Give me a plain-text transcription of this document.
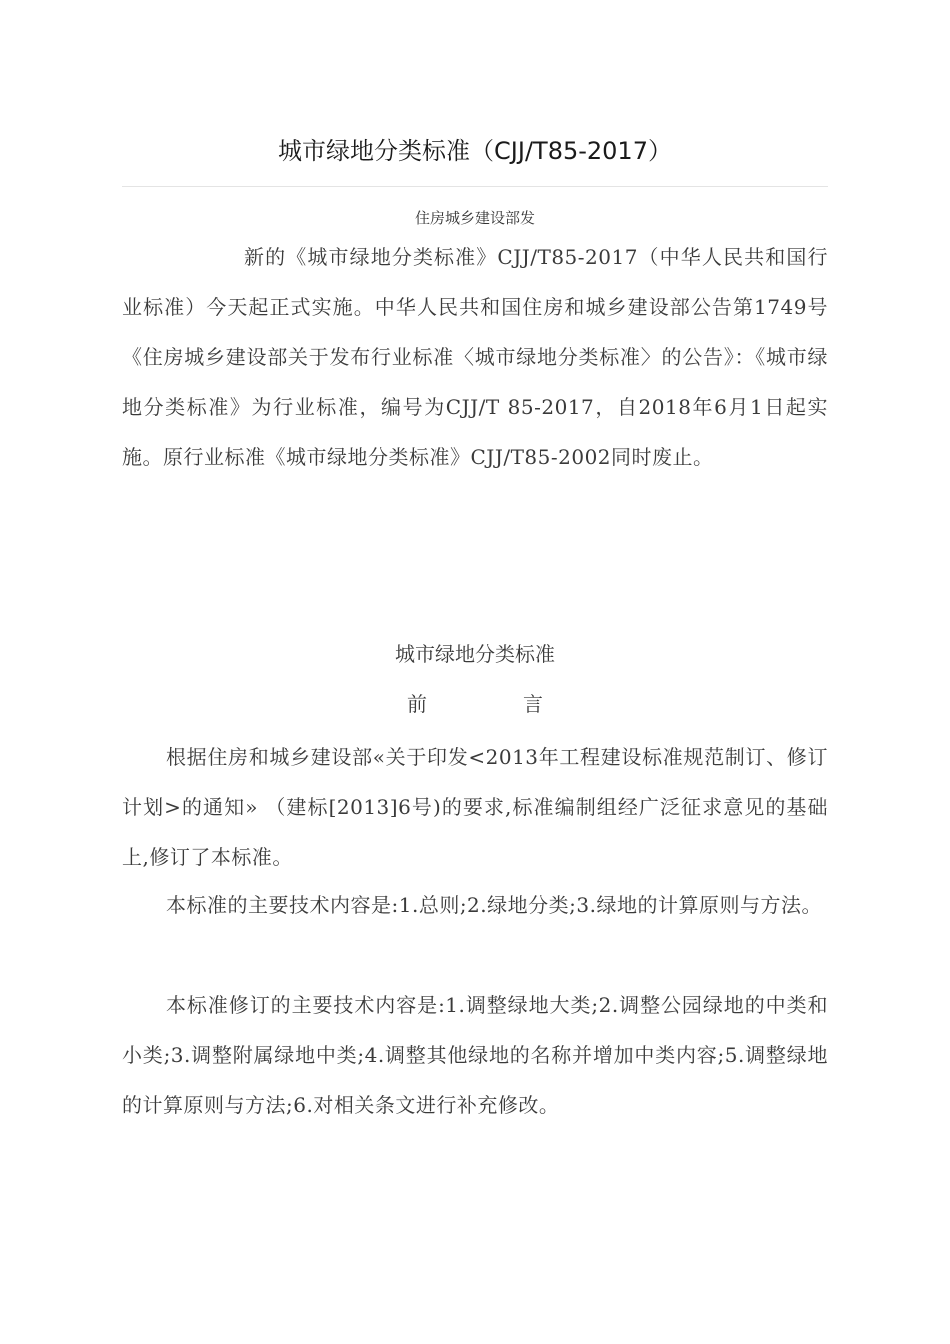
城市绿地分类标准（CJJ/T85-2017）
住房城乡建设部发

新的《城市绿地分类标准》CJJ/T85-2017（中华人民共和国行业标准）今天起正式实施。中华人民共和国住房和城乡建设部公告第1749号《住房城乡建设部关于发布行业标准〈城市绿地分类标准〉的公告》：《城市绿地分类标准》为行业标准，编号为CJJ/T 85-2017，自2018年6月1日起实施。原行业标准《城市绿地分类标准》CJJ/T85-2002同时废止。

城市绿地分类标准
前	言

根据住房和城乡建设部«关于印发<2013年工程建设标准规范制订、修订计划>的通知» （建标[2013]6号)的要求,标准编制组经广泛征求意见的基础上,修订了本标准。

本标准的主要技术内容是:1.总则;2.绿地分类;3.绿地的计算原则与方法。

本标准修订的主要技术内容是:1.调整绿地大类;2.调整公园绿地的中类和小类;3.调整附属绿地中类;4.调整其他绿地的名称并增加中类内容;5.调整绿地的计算原则与方法;6.对相关条文进行补充修改。
